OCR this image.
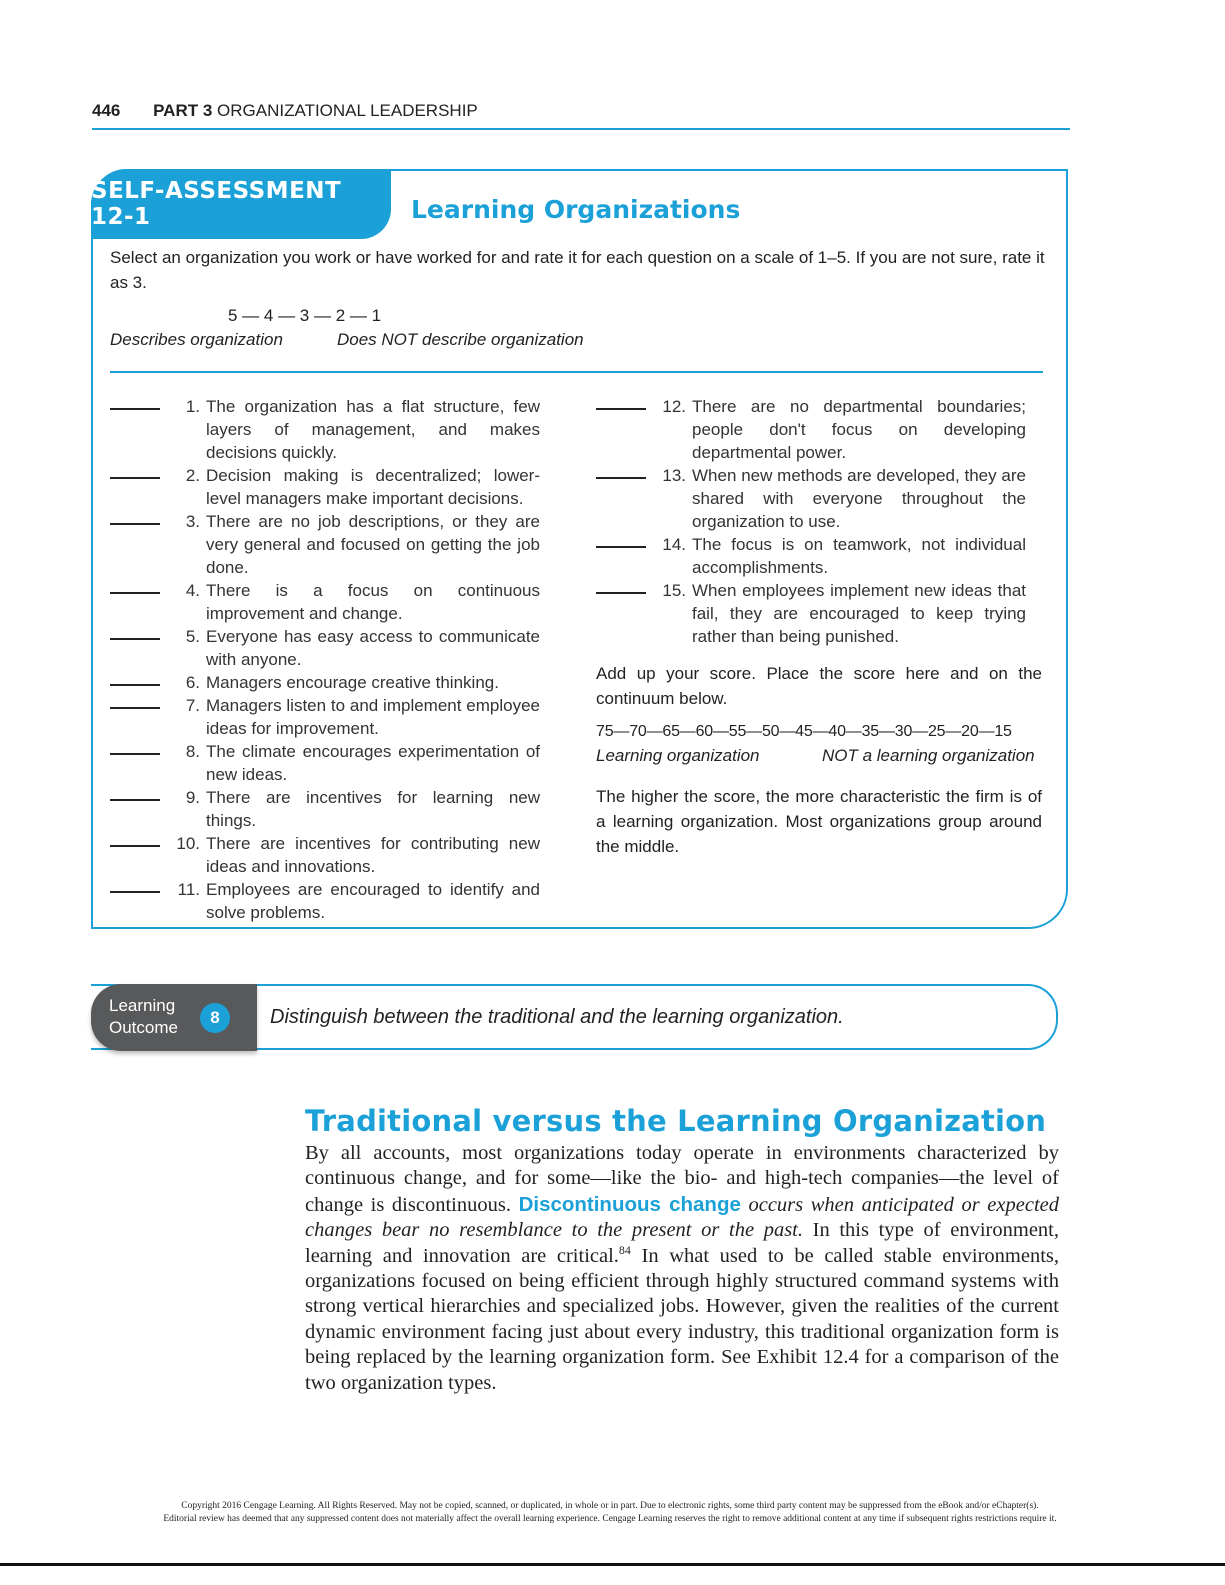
446 PART 3 ORGANIZATIONAL LEADERSHIP
SELF-ASSESSMENT 12-1	Learning Organizations
Select an organization you work or have worked for and rate it for each question on a scale of 1–5. If you are not sure, rate it as 3.
5 — 4 — 3 — 2 — 1
Describes organization	Does NOT describe organization
1. The organization has a flat structure, few layers of management, and makes decisions quickly.
2. Decision making is decentralized; lower-level managers make important decisions.
3. There are no job descriptions, or they are very general and focused on getting the job done.
4. There is a focus on continuous improvement and change.
5. Everyone has easy access to communicate with anyone.
6. Managers encourage creative thinking.
7. Managers listen to and implement employee ideas for improvement.
8. The climate encourages experimentation of new ideas.
9. There are incentives for learning new things.
10. There are incentives for contributing new ideas and innovations.
11. Employees are encouraged to identify and solve problems.
12. There are no departmental boundaries; people don't focus on developing departmental power.
13. When new methods are developed, they are shared with everyone throughout the organization to use.
14. The focus is on teamwork, not individual accomplishments.
15. When employees implement new ideas that fail, they are encouraged to keep trying rather than being punished.
Add up your score. Place the score here and on the continuum below.
75—70—65—60—55—50—45—40—35—30—25—20—15
Learning organization	NOT a learning organization
The higher the score, the more characteristic the firm is of a learning organization. Most organizations group around the middle.
Learning
Outcome
8	Distinguish between the traditional and the learning organization.
Traditional versus the Learning Organization
By all accounts, most organizations today operate in environments characterized by continuous change, and for some—like the bio- and high-tech companies—the level of change is discontinuous. Discontinuous change occurs when anticipated or expected changes bear no resemblance to the present or the past. In this type of environment, learning and innovation are critical.$^{84}$ In what used to be called stable environments, organizations focused on being efficient through highly structured command systems with strong vertical hierarchies and specialized jobs. However, given the realities of the current dynamic environment facing just about every industry, this traditional organization form is being replaced by the learning organization form. See Exhibit 12.4 for a comparison of the two organization types.
Copyright 2016 Cengage Learning. All Rights Reserved. May not be copied, scanned, or duplicated, in whole or in part. Due to electronic rights, some third party content may be suppressed from the eBook and/or eChapter(s).
Editorial review has deemed that any suppressed content does not materially affect the overall learning experience. Cengage Learning reserves the right to remove additional content at any time if subsequent rights restrictions require it.
